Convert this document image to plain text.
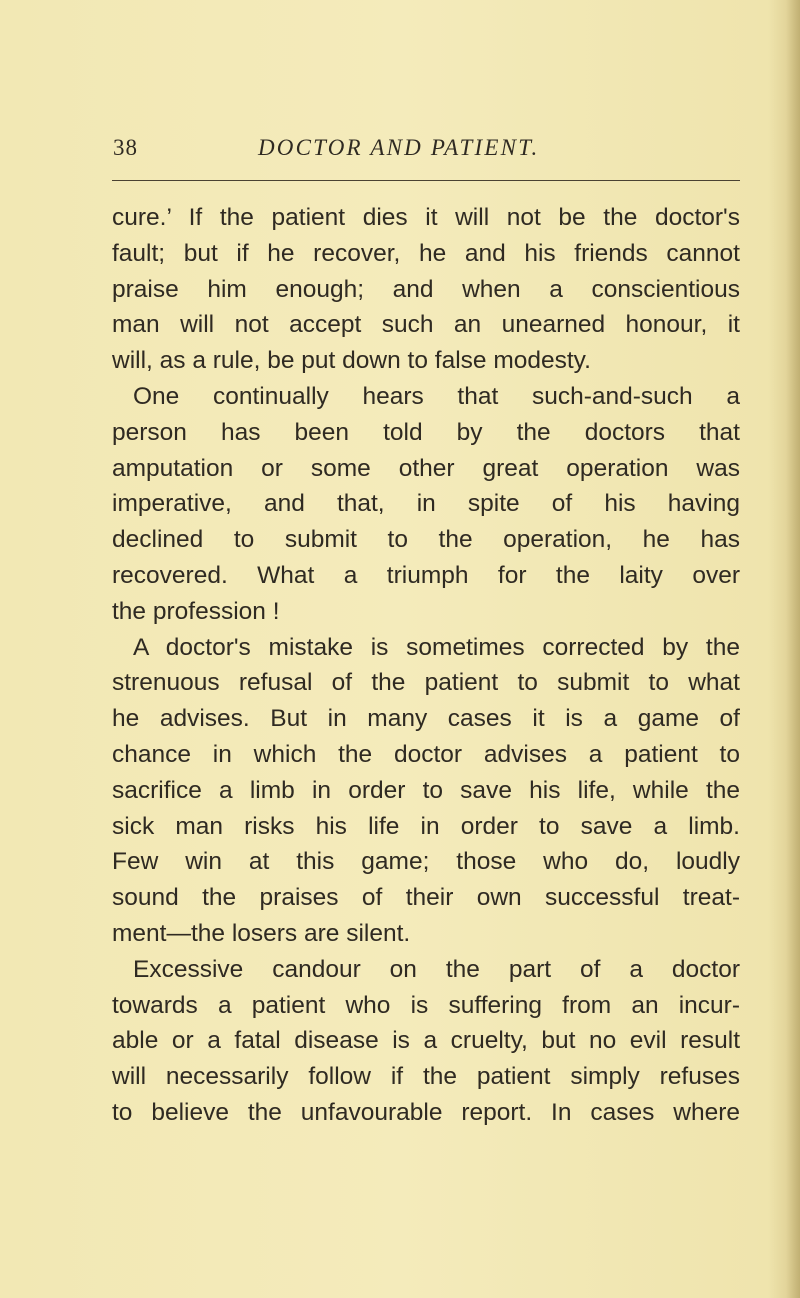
38	DOCTOR AND PATIENT.
cure.’ If the patient dies it will not be the doctor's
fault; but if he recover, he and his friends cannot
praise him enough; and when a conscientious
man will not accept such an unearned honour, it
will, as a rule, be put down to false modesty.
One continually hears that such-and-such a
person has been told by the doctors that
amputation or some other great operation was
imperative, and that, in spite of his having
declined to submit to the operation, he has
recovered. What a triumph for the laity over
the profession !
A doctor's mistake is sometimes corrected by the
strenuous refusal of the patient to submit to what
he advises. But in many cases it is a game of
chance in which the doctor advises a patient to
sacrifice a limb in order to save his life, while the
sick man risks his life in order to save a limb.
Few win at this game; those who do, loudly
sound the praises of their own successful treat-
ment—the losers are silent.
Excessive candour on the part of a doctor
towards a patient who is suffering from an incur-
able or a fatal disease is a cruelty, but no evil result
will necessarily follow if the patient simply refuses
to believe the unfavourable report. In cases where
